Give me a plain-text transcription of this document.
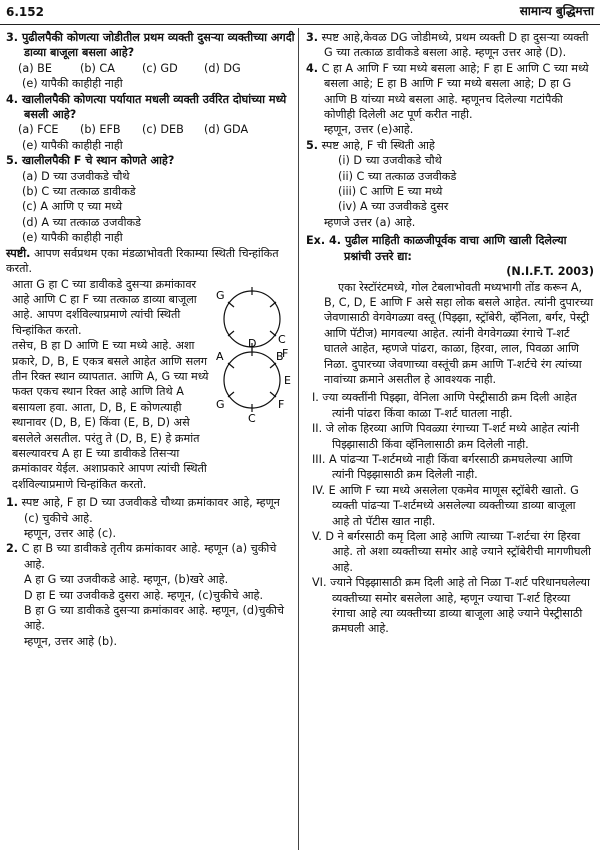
6.152	सामान्य बुद्धिमत्ता

3. पुढीलपैकी कोणत्या जोडीतील प्रथम व्यक्ती दुसऱ्या व्यक्तीच्या अगदी डाव्या बाजूला बसला आहे?

(a) BE	(b) CA	(c) GD	(d) DG

(e) यापैकी काहीही नाही

4. खालीलपैकी कोणत्या पर्यायात मधली व्यक्ती उर्वरित दोघांच्या मध्ये बसली आहे?

(a) FCE	(b) EFB	(c) DEB	(d) GDA

(e) यापैकी काहीही नाही

5. खालीलपैकी F चे स्थान कोणते आहे?

(a) D च्या उजवीकडे चौथे

(b) C च्या तत्काळ डावीकडे

(c) A आणि ए च्या मध्ये

(d) A च्या तत्काळ उजवीकडे

(e) यापैकी काहीही नाही

स्पष्टी. आपण सर्वप्रथम एका मंडळाभोवती रिकाम्या स्थिती चिन्हांकित करतो.

आता G हा C च्या डावीकडे दुसऱ्या क्रमांकावर आहे आणि C हा F च्या तत्काळ डाव्या बाजूला आहे. आपण दर्शविल्याप्रमाणे त्यांची स्थिती चिन्हांकित करतो.

G
C
F

तसेच, B हा D आणि E च्या मध्ये आहे. अशा प्रकारे, D, B, E एकत्र बसले आहेत आणि सलग तीन रिक्त स्थान व्यापतात. आणि A, G च्या मध्ये फक्त एकच स्थान रिक्त आहे आणि तिथे A बसायला हवा. आता, D, B, E कोणत्याही स्थानावर (D, B, E) किंवा (E, B, D) असे बसलेले असतील. परंतु ते (D, B, E) हे क्रमांत बसल्यावरच A हा E च्या डावीकडे तिसऱ्या क्रमांकावर येईल. अशाप्रकारे आपण त्यांची स्थिती दर्शविल्याप्रमाणे चिन्हांकित करतो.

D
B
E
F
C
G
A

1. स्पष्ट आहे, F हा D च्या उजवीकडे चौथ्या क्रमांकावर आहे, म्हणून (c) चुकीचे आहे.

म्हणून, उत्तर आहे (c).

2. C हा B च्या डावीकडे तृतीय क्रमांकावर आहे. म्हणून (a) चुकीचे आहे.

A हा G च्या उजवीकडे आहे. म्हणून, (b)खरे आहे.

D हा E च्या उजवीकडे दुसरा आहे. म्हणून, (c)चुकीचे आहे.

B हा G च्या डावीकडे दुसऱ्या क्रमांकावर आहे. म्हणून, (d)चुकीचे आहे.

म्हणून, उत्तर आहे (b).

3. स्पष्ट आहे,केवळ DG जोडीमध्ये, प्रथम व्यक्ती D हा दुसऱ्या व्यक्ती G च्या तत्काळ डावीकडे बसला आहे. म्हणून उत्तर आहे (D).

4. C हा A आणि F च्या मध्ये बसला आहे; F हा E आणि C च्या मध्ये बसला आहे; E हा B आणि F च्या मध्ये बसला आहे; D हा G आणि B यांच्या मध्ये बसला आहे. म्हणूनच दिलेल्या गटांपैकी कोणीही दिलेली अट पूर्ण करीत नाही.

म्हणून, उत्तर (e)आहे.

5. स्पष्ट आहे, F ची स्थिती आहे

(i) D च्या उजवीकडे चौथे

(ii) C च्या तत्काळ उजवीकडे

(iii) C आणि E च्या मध्ये

(iv) A च्या उजवीकडे दुसर

म्हणजे उत्तर (a) आहे.

Ex. 4. पुढील माहिती काळजीपूर्वक वाचा आणि खाली दिलेल्या प्रश्नांची उत्तरे द्या:

(N.I.F.T. 2003)

एका रेस्टॉरंटमध्ये, गोल टेबलाभोवती मध्यभागी तोंड करून A, B, C, D, E आणि F असे सहा लोक बसले आहेत. त्यांनी दुपारच्या जेवणासाठी वेगवेगळ्या वस्तू (पिझ्झा, स्ट्रॉबेरी, व्हॅनिला, बर्गर, पेस्ट्री आणि पॅटीज) मागवल्या आहेत. त्यांनी वेगवेगळ्या रंगाचे T-शर्ट घातले आहेत, म्हणजे पांढरा, काळा, हिरवा, लाल, पिवळा आणि निळा. दुपारच्या जेवणाच्या वस्तूंची क्रम आणि T-शर्टचे रंग त्यांच्या नावांच्या क्रमाने असतील हे आवश्यक नाही.

I. ज्या व्यक्तींनी पिझ्झा, वेनिला आणि पेस्ट्रीसाठी क्रम दिली आहेत त्यांनी पांढरा किंवा काळा T-शर्ट घातला नाही.

II. जे लोक हिरव्या आणि पिवळ्या रंगाच्या T-शर्ट मध्ये आहेत त्यांनी पिझ्झासाठी किंवा व्हॅनिलासाठी क्रम दिलेली नाही.

III. A पांढऱ्या T-शर्टमध्ये नाही किंवा बर्गरसाठी क्रमघलेल्या आणि त्यांनी पिझ्झासाठी क्रम दिलेली नाही.

IV. E आणि F च्या मध्ये असलेला एकमेव माणूस स्ट्रॉबेरी खातो. G व्यक्ती पांढऱ्या T-शर्टमध्ये असलेल्या व्यक्तीच्या डाव्या बाजूला आहे तो पॅटीस खात नाही.

V. D ने बर्गरसाठी कमृ दिला आहे आणि त्याच्या T-शर्टचा रंग हिरवा आहे. तो अशा व्यक्तीच्या समोर आहे ज्याने स्ट्रॉबेरीची मागणीघली आहे.

VI. ज्याने पिझ्झासाठी क्रम दिली आहे तो निळा T-शर्ट परिधानघलेल्या व्यक्तीच्या समोर बसलेला आहे, म्हणून ज्याचा T-शर्ट हिरव्या रंगाचा आहे त्या व्यक्तीच्या डाव्या बाजूला आहे ज्याने पेस्ट्रीसाठी क्रमघली आहे.
